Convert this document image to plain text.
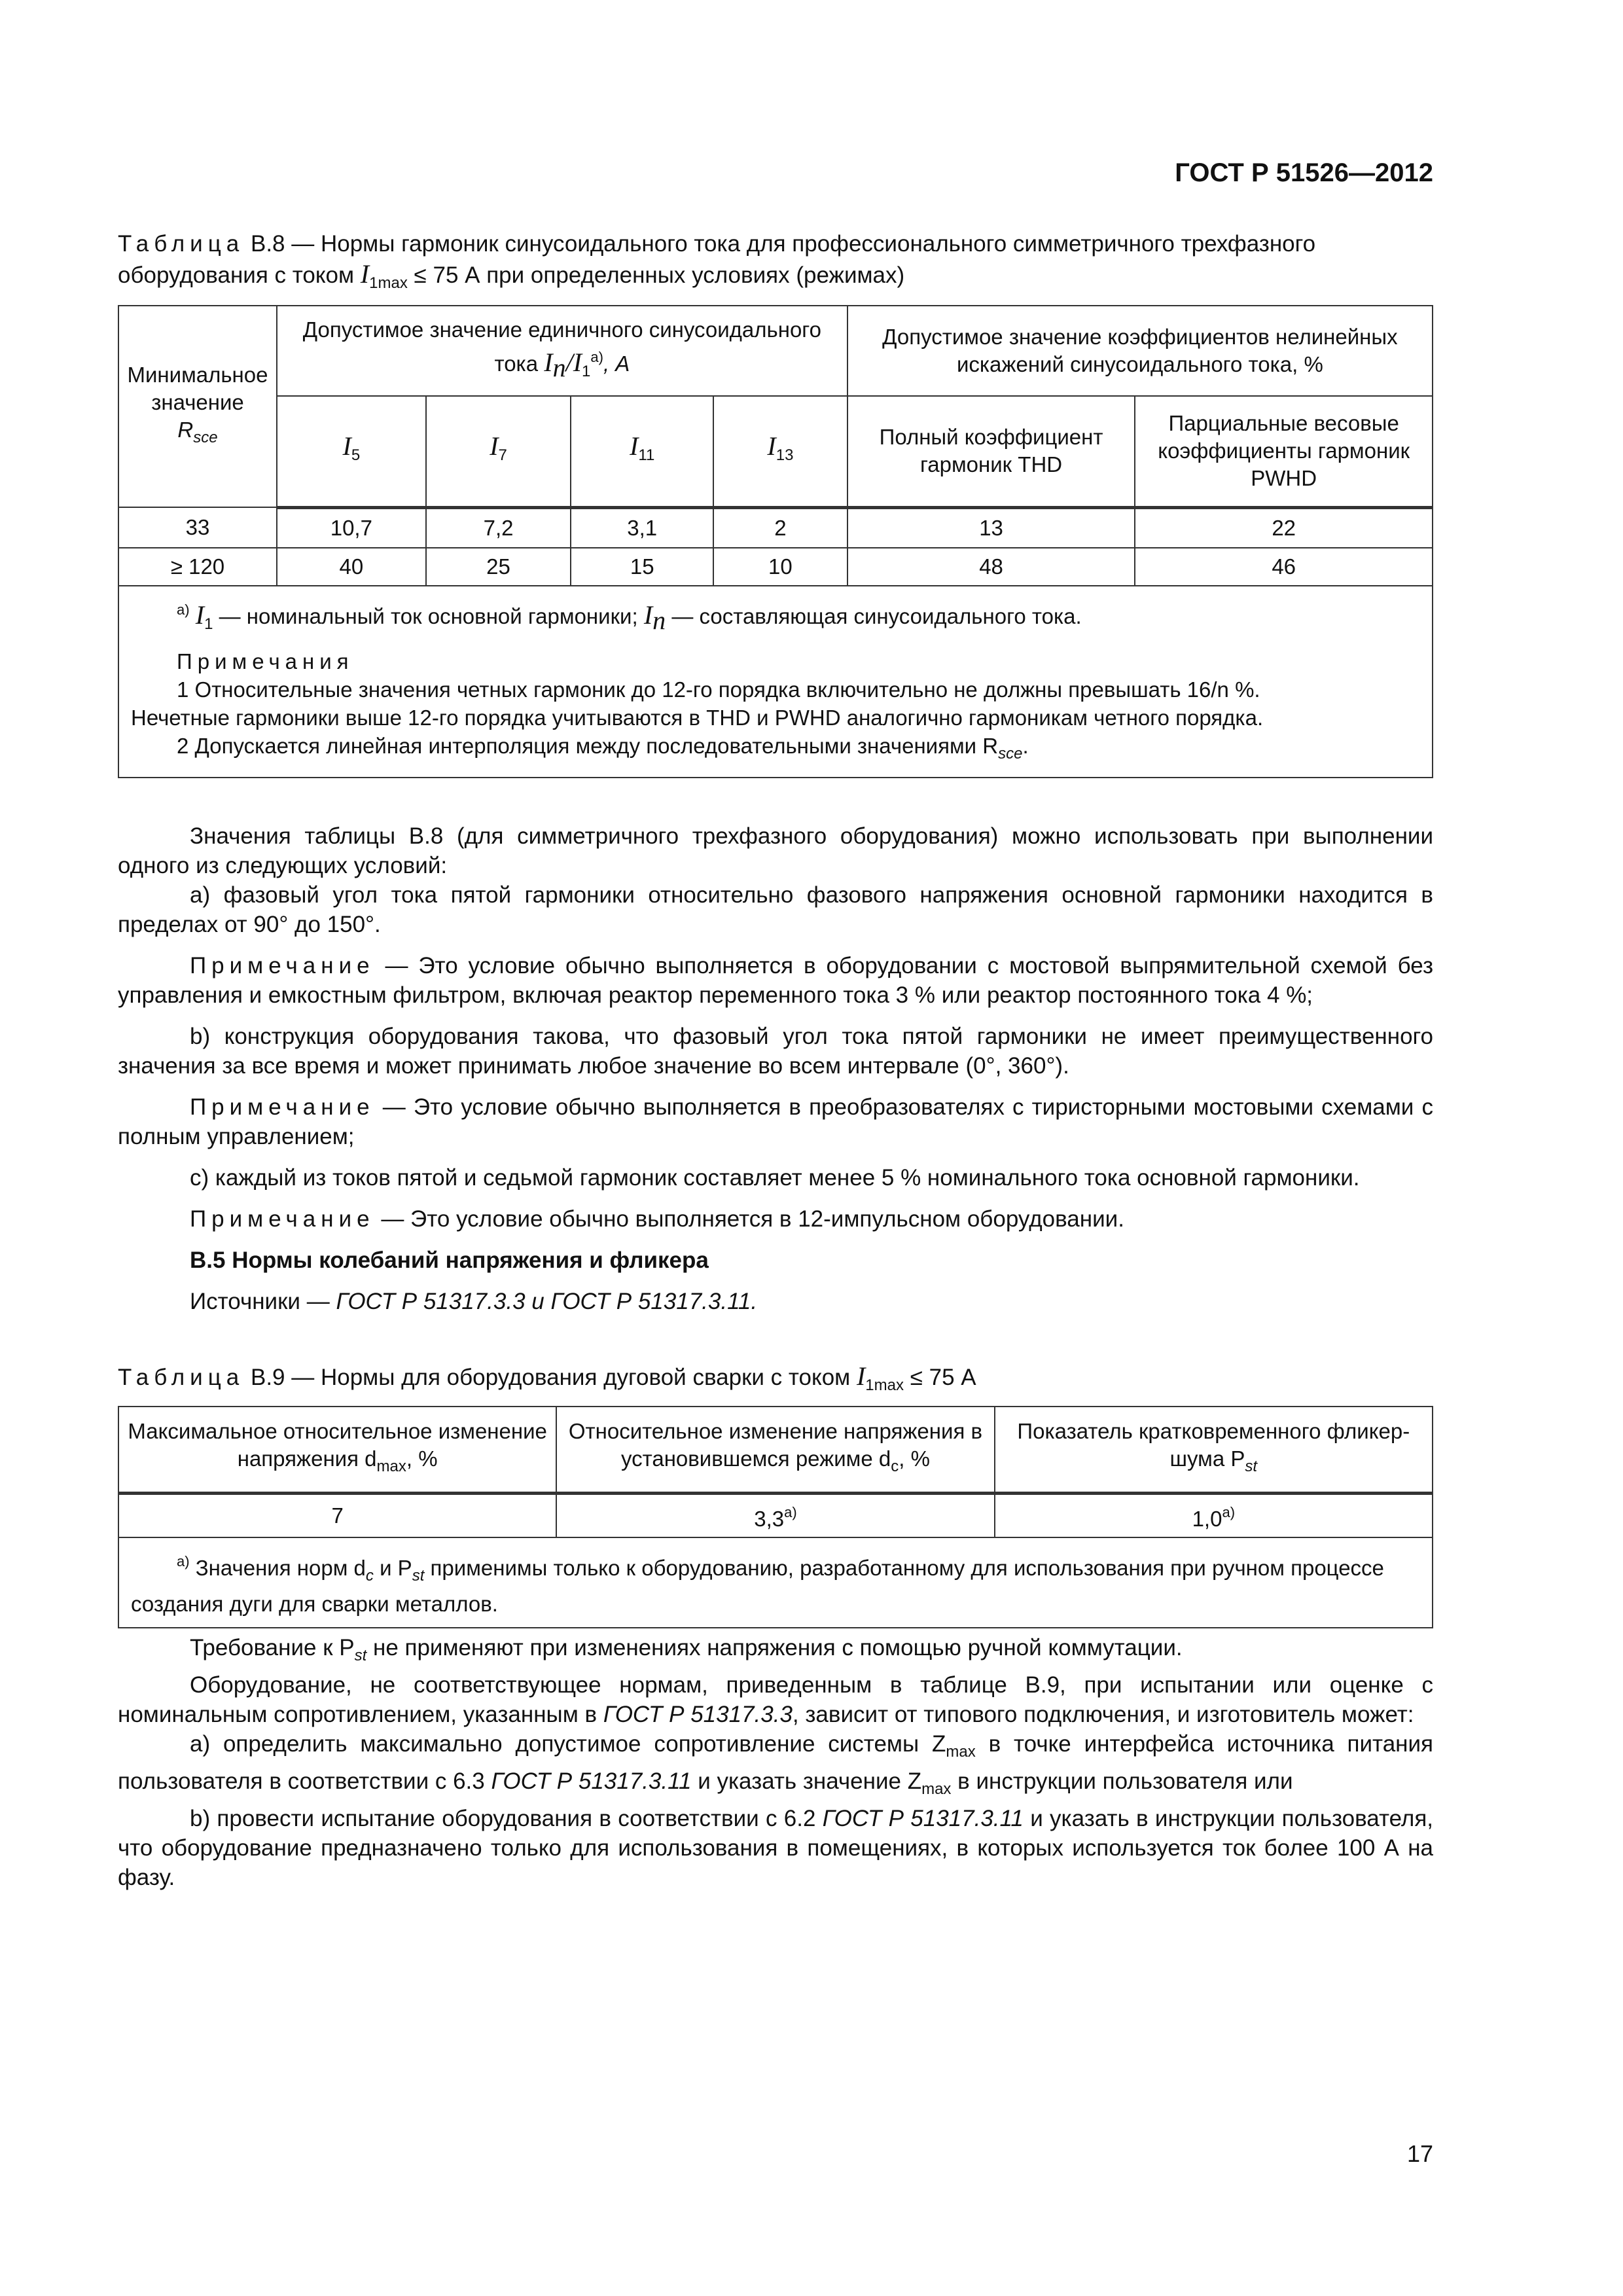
ГОСТ Р 51526—2012
Таблица В.8 — Нормы гармоник синусоидального тока для профессионального симметричного трехфазного оборудования с током $I_{1max} \le 75$ А при определенных условиях (режимах)
Минимальное значение
$R_{sce}$	Допустимое значение единичного синусоидального тока $I_n/I_1^{а)}$, A				Допустимое значение коэффициентов нелинейных искажений синусоидального тока, %	
	$I_5$	$I_7$	$I_{11}$	$I_{13}$	Полный коэффициент гармоник THD	Парциальные весовые коэффициенты гармоник PWHD
33	10,7	7,2	3,1	2	13	22
≥ 120	40	25	15	10	48	46

$^{а)}$ $I_1$ — номинальный ток основной гармоники; $I_n$ — составляющая синусоидального тока.
Примечания
1 Относительные значения четных гармоник до 12-го порядка включительно не должны превышать 16/n %.
Нечетные гармоники выше 12-го порядка учитываются в THD и PWHD аналогично гармоникам четного порядка.
2 Допускается линейная интерполяция между последовательными значениями $R_{sce}$.						

Значения таблицы В.8 (для симметричного трехфазного оборудования) можно использовать при выполнении одного из следующих условий:

a) фазовый угол тока пятой гармоники относительно фазового напряжения основной гармоники находится в пределах от 90° до 150°.

Примечание — Это условие обычно выполняется в оборудовании с мостовой выпрямительной схемой без управления и емкостным фильтром, включая реактор переменного тока 3 % или реактор постоянного тока 4 %;

b) конструкция оборудования такова, что фазовый угол тока пятой гармоники не имеет преимущественного значения за все время и может принимать любое значение во всем интервале (0°, 360°).

Примечание — Это условие обычно выполняется в преобразователях с тиристорными мостовыми схемами с полным управлением;

c) каждый из токов пятой и седьмой гармоник составляет менее 5 % номинального тока основной гармоники.

Примечание — Это условие обычно выполняется в 12-импульсном оборудовании.

В.5 Нормы колебаний напряжения и фликера

Источники — ГОСТ Р 51317.3.3 и ГОСТ Р 51317.3.11.

Таблица В.9 — Нормы для оборудования дуговой сварки с током $I_{1max} \le 75$ А
Максимальное относительное изменение напряжения $d_{max}$, %	Относительное изменение напряжения в установившемся режиме $d_c$, %	Показатель кратковременного фликер-шума $P_{st}$
7	$3,3^{а)}$	$1,0^{а)}$
$^{а)}$ Значения норм $d_c$ и $P_{st}$ применимы только к оборудованию, разработанному для использования при ручном процессе создания дуги для сварки металлов.		

Требование к $P_{st}$ не применяют при изменениях напряжения с помощью ручной коммутации.

Оборудование, не соответствующее нормам, приведенным в таблице В.9, при испытании или оценке с номинальным сопротивлением, указанным в ГОСТ Р 51317.3.3, зависит от типового подключения, и изготовитель может:

a) определить максимально допустимое сопротивление системы $Z_{max}$ в точке интерфейса источника питания пользователя в соответствии с 6.3 ГОСТ Р 51317.3.11 и указать значение $Z_{max}$ в инструкции пользователя или

b) провести испытание оборудования в соответствии с 6.2 ГОСТ Р 51317.3.11 и указать в инструкции пользователя, что оборудование предназначено только для использования в помещениях, в которых используется ток более 100 А на фазу.

17
